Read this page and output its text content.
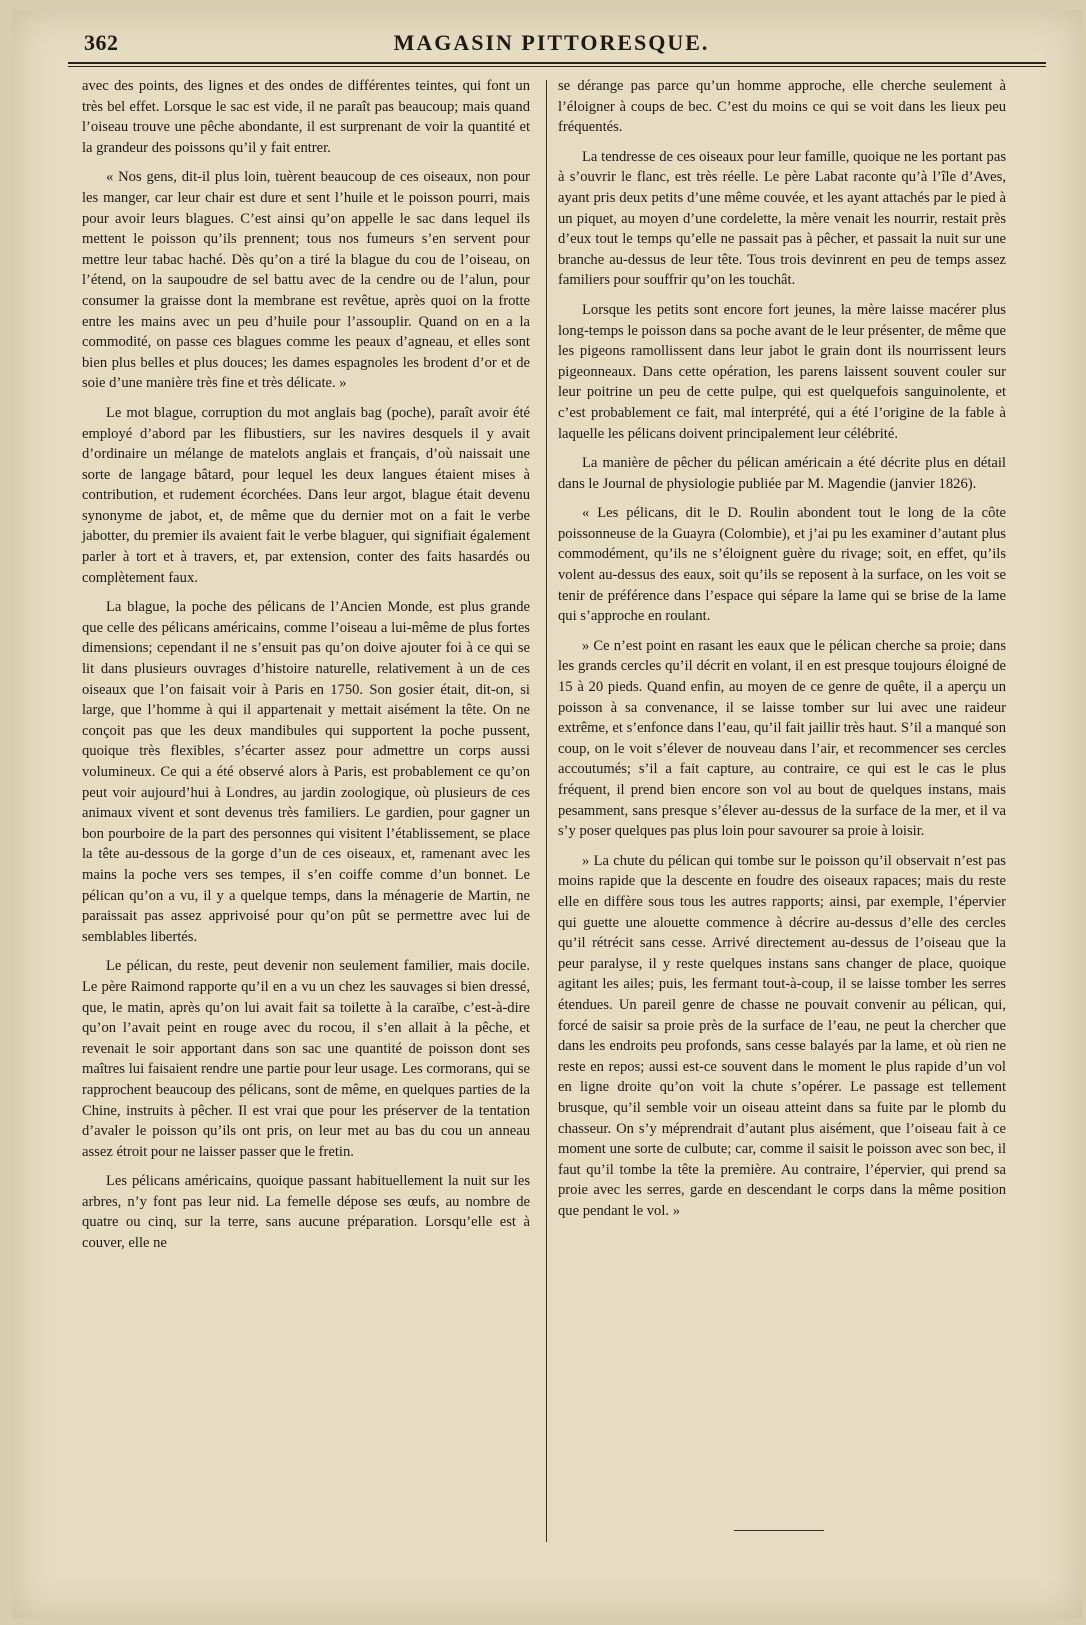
362	MAGASIN PITTORESQUE.

avec des points, des lignes et des ondes de différentes teintes, qui font un très bel effet. Lorsque le sac est vide, il ne paraît pas beaucoup; mais quand l’oiseau trouve une pêche abondante, il est surprenant de voir la quantité et la grandeur des poissons qu’il y fait entrer.

« Nos gens, dit-il plus loin, tuèrent beaucoup de ces oiseaux, non pour les manger, car leur chair est dure et sent l’huile et le poisson pourri, mais pour avoir leurs blagues. C’est ainsi qu’on appelle le sac dans lequel ils mettent le poisson qu’ils prennent; tous nos fumeurs s’en servent pour mettre leur tabac haché. Dès qu’on a tiré la blague du cou de l’oiseau, on l’étend, on la saupoudre de sel battu avec de la cendre ou de l’alun, pour consumer la graisse dont la membrane est revêtue, après quoi on la frotte entre les mains avec un peu d’huile pour l’assouplir. Quand on en a la commodité, on passe ces blagues comme les peaux d’agneau, et elles sont bien plus belles et plus douces; les dames espagnoles les brodent d’or et de soie d’une manière très fine et très délicate. »

Le mot blague, corruption du mot anglais bag (poche), paraît avoir été employé d’abord par les flibustiers, sur les navires desquels il y avait d’ordinaire un mélange de matelots anglais et français, d’où naissait une sorte de langage bâtard, pour lequel les deux langues étaient mises à contribution, et rudement écorchées. Dans leur argot, blague était devenu synonyme de jabot, et, de même que du dernier mot on a fait le verbe jabotter, du premier ils avaient fait le verbe blaguer, qui signifiait également parler à tort et à travers, et, par extension, conter des faits hasardés ou complètement faux.

La blague, la poche des pélicans de l’Ancien Monde, est plus grande que celle des pélicans américains, comme l’oiseau a lui-même de plus fortes dimensions; cependant il ne s’ensuit pas qu’on doive ajouter foi à ce qui se lit dans plusieurs ouvrages d’histoire naturelle, relativement à un de ces oiseaux que l’on faisait voir à Paris en 1750. Son gosier était, dit-on, si large, que l’homme à qui il appartenait y mettait aisément la tête. On ne conçoit pas que les deux mandibules qui supportent la poche pussent, quoique très flexibles, s’écarter assez pour admettre un corps aussi volumineux. Ce qui a été observé alors à Paris, est probablement ce qu’on peut voir aujourd’hui à Londres, au jardin zoologique, où plusieurs de ces animaux vivent et sont devenus très familiers. Le gardien, pour gagner un bon pourboire de la part des personnes qui visitent l’établissement, se place la tête au-dessous de la gorge d’un de ces oiseaux, et, ramenant avec les mains la poche vers ses tempes, il s’en coiffe comme d’un bonnet. Le pélican qu’on a vu, il y a quelque temps, dans la ménagerie de Martin, ne paraissait pas assez apprivoisé pour qu’on pût se permettre avec lui de semblables libertés.

Le pélican, du reste, peut devenir non seulement familier, mais docile. Le père Raimond rapporte qu’il en a vu un chez les sauvages si bien dressé, que, le matin, après qu’on lui avait fait sa toilette à la caraïbe, c’est-à-dire qu’on l’avait peint en rouge avec du rocou, il s’en allait à la pêche, et revenait le soir apportant dans son sac une quantité de poisson dont ses maîtres lui faisaient rendre une partie pour leur usage. Les cormorans, qui se rapprochent beaucoup des pélicans, sont de même, en quelques parties de la Chine, instruits à pêcher. Il est vrai que pour les préserver de la tentation d’avaler le poisson qu’ils ont pris, on leur met au bas du cou un anneau assez étroit pour ne laisser passer que le fretin.

Les pélicans américains, quoique passant habituellement la nuit sur les arbres, n’y font pas leur nid. La femelle dépose ses œufs, au nombre de quatre ou cinq, sur la terre, sans aucune préparation. Lorsqu’elle est à couver, elle ne

se dérange pas parce qu’un homme approche, elle cherche seulement à l’éloigner à coups de bec. C’est du moins ce qui se voit dans les lieux peu fréquentés.

La tendresse de ces oiseaux pour leur famille, quoique ne les portant pas à s’ouvrir le flanc, est très réelle. Le père Labat raconte qu’à l’île d’Aves, ayant pris deux petits d’une même couvée, et les ayant attachés par le pied à un piquet, au moyen d’une cordelette, la mère venait les nourrir, restait près d’eux tout le temps qu’elle ne passait pas à pêcher, et passait la nuit sur une branche au-dessus de leur tête. Tous trois devinrent en peu de temps assez familiers pour souffrir qu’on les touchât.

Lorsque les petits sont encore fort jeunes, la mère laisse macérer plus long-temps le poisson dans sa poche avant de le leur présenter, de même que les pigeons ramollissent dans leur jabot le grain dont ils nourrissent leurs pigeonneaux. Dans cette opération, les parens laissent souvent couler sur leur poitrine un peu de cette pulpe, qui est quelquefois sanguinolente, et c’est probablement ce fait, mal interprété, qui a été l’origine de la fable à laquelle les pélicans doivent principalement leur célébrité.

La manière de pêcher du pélican américain a été décrite plus en détail dans le Journal de physiologie publiée par M. Magendie (janvier 1826).

« Les pélicans, dit le D. Roulin abondent tout le long de la côte poissonneuse de la Guayra (Colombie), et j’ai pu les examiner d’autant plus commodément, qu’ils ne s’éloignent guère du rivage; soit, en effet, qu’ils volent au-dessus des eaux, soit qu’ils se reposent à la surface, on les voit se tenir de préférence dans l’espace qui sépare la lame qui se brise de la lame qui s’approche en roulant.

» Ce n’est point en rasant les eaux que le pélican cherche sa proie; dans les grands cercles qu’il décrit en volant, il en est presque toujours éloigné de 15 à 20 pieds. Quand enfin, au moyen de ce genre de quête, il a aperçu un poisson à sa convenance, il se laisse tomber sur lui avec une raideur extrême, et s’enfonce dans l’eau, qu’il fait jaillir très haut. S’il a manqué son coup, on le voit s’élever de nouveau dans l’air, et recommencer ses cercles accoutumés; s’il a fait capture, au contraire, ce qui est le cas le plus fréquent, il prend bien encore son vol au bout de quelques instans, mais pesamment, sans presque s’élever au-dessus de la surface de la mer, et il va s’y poser quelques pas plus loin pour savourer sa proie à loisir.

» La chute du pélican qui tombe sur le poisson qu’il observait n’est pas moins rapide que la descente en foudre des oiseaux rapaces; mais du reste elle en diffère sous tous les autres rapports; ainsi, par exemple, l’épervier qui guette une alouette commence à décrire au-dessus d’elle des cercles qu’il rétrécit sans cesse. Arrivé directement au-dessus de l’oiseau que la peur paralyse, il y reste quelques instans sans changer de place, quoique agitant les ailes; puis, les fermant tout-à-coup, il se laisse tomber les serres étendues. Un pareil genre de chasse ne pouvait convenir au pélican, qui, forcé de saisir sa proie près de la surface de l’eau, ne peut la chercher que dans les endroits peu profonds, sans cesse balayés par la lame, et où rien ne reste en repos; aussi est-ce souvent dans le moment le plus rapide d’un vol en ligne droite qu’on voit la chute s’opérer. Le passage est tellement brusque, qu’il semble voir un oiseau atteint dans sa fuite par le plomb du chasseur. On s’y méprendrait d’autant plus aisément, que l’oiseau fait à ce moment une sorte de culbute; car, comme il saisit le poisson avec son bec, il faut qu’il tombe la tête la première. Au contraire, l’épervier, qui prend sa proie avec les serres, garde en descendant le corps dans la même position que pendant le vol. »
